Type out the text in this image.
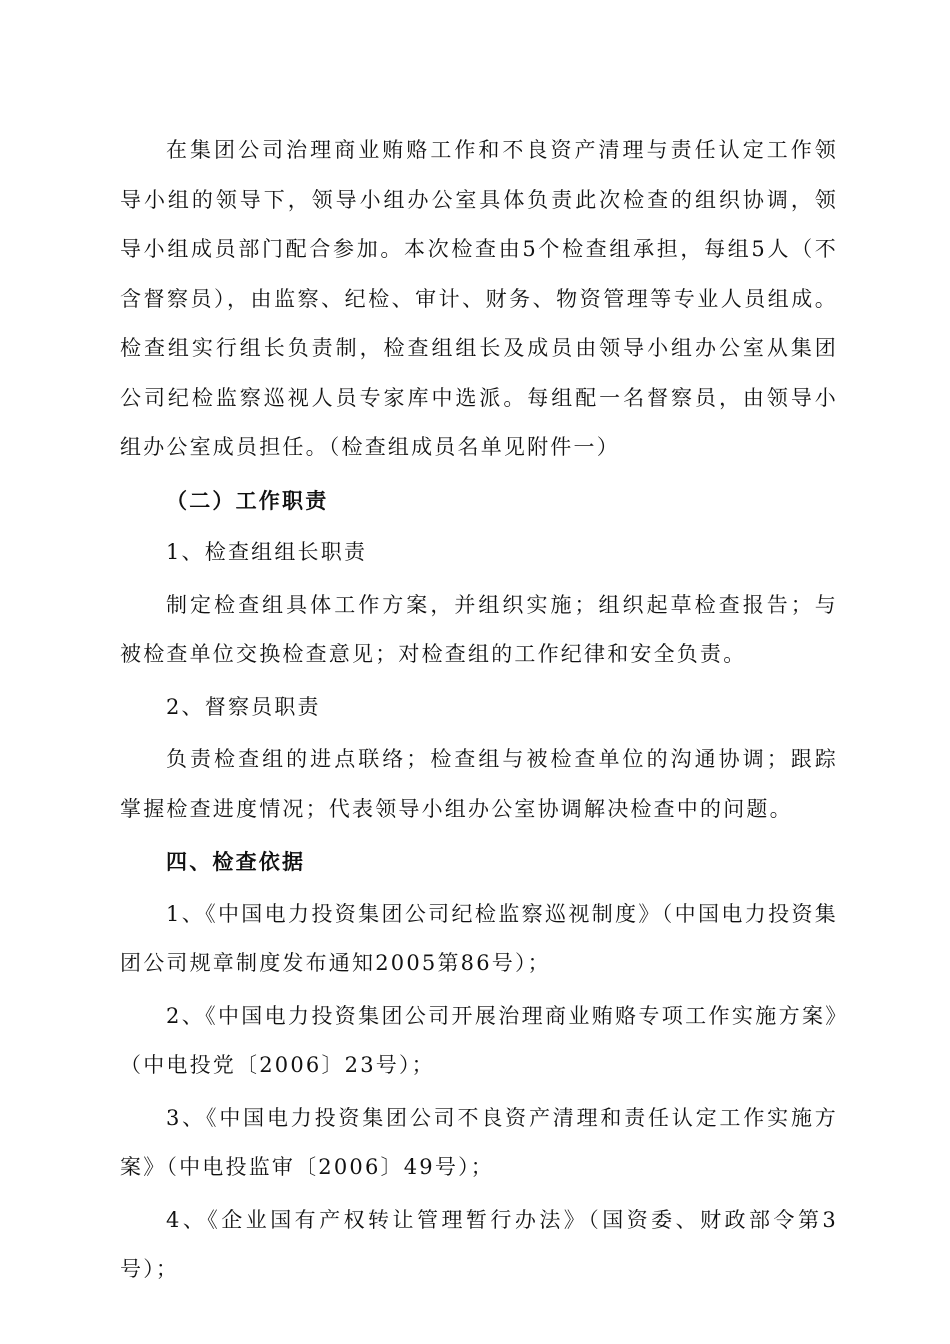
在集团公司治理商业贿赂工作和不良资产清理与责任认定工作领导小组的领导下，领导小组办公室具体负责此次检查的组织协调，领导小组成员部门配合参加。本次检查由5个检查组承担，每组5人（不含督察员），由监察、纪检、审计、财务、物资管理等专业人员组成。检查组实行组长负责制，检查组组长及成员由领导小组办公室从集团公司纪检监察巡视人员专家库中选派。每组配一名督察员，由领导小组办公室成员担任。（检查组成员名单见附件一）

（二）工作职责

1、检查组组长职责

制定检查组具体工作方案，并组织实施；组织起草检查报告；与被检查单位交换检查意见；对检查组的工作纪律和安全负责。

2、督察员职责

负责检查组的进点联络；检查组与被检查单位的沟通协调；跟踪掌握检查进度情况；代表领导小组办公室协调解决检查中的问题。

四、检查依据

1、《中国电力投资集团公司纪检监察巡视制度》（中国电力投资集团公司规章制度发布通知2005第86号）；

2、《中国电力投资集团公司开展治理商业贿赂专项工作实施方案》（中电投党〔2006〕23号）；

3、《中国电力投资集团公司不良资产清理和责任认定工作实施方案》（中电投监审〔2006〕49号）；

4、《企业国有产权转让管理暂行办法》（国资委、财政部令第3号）；
